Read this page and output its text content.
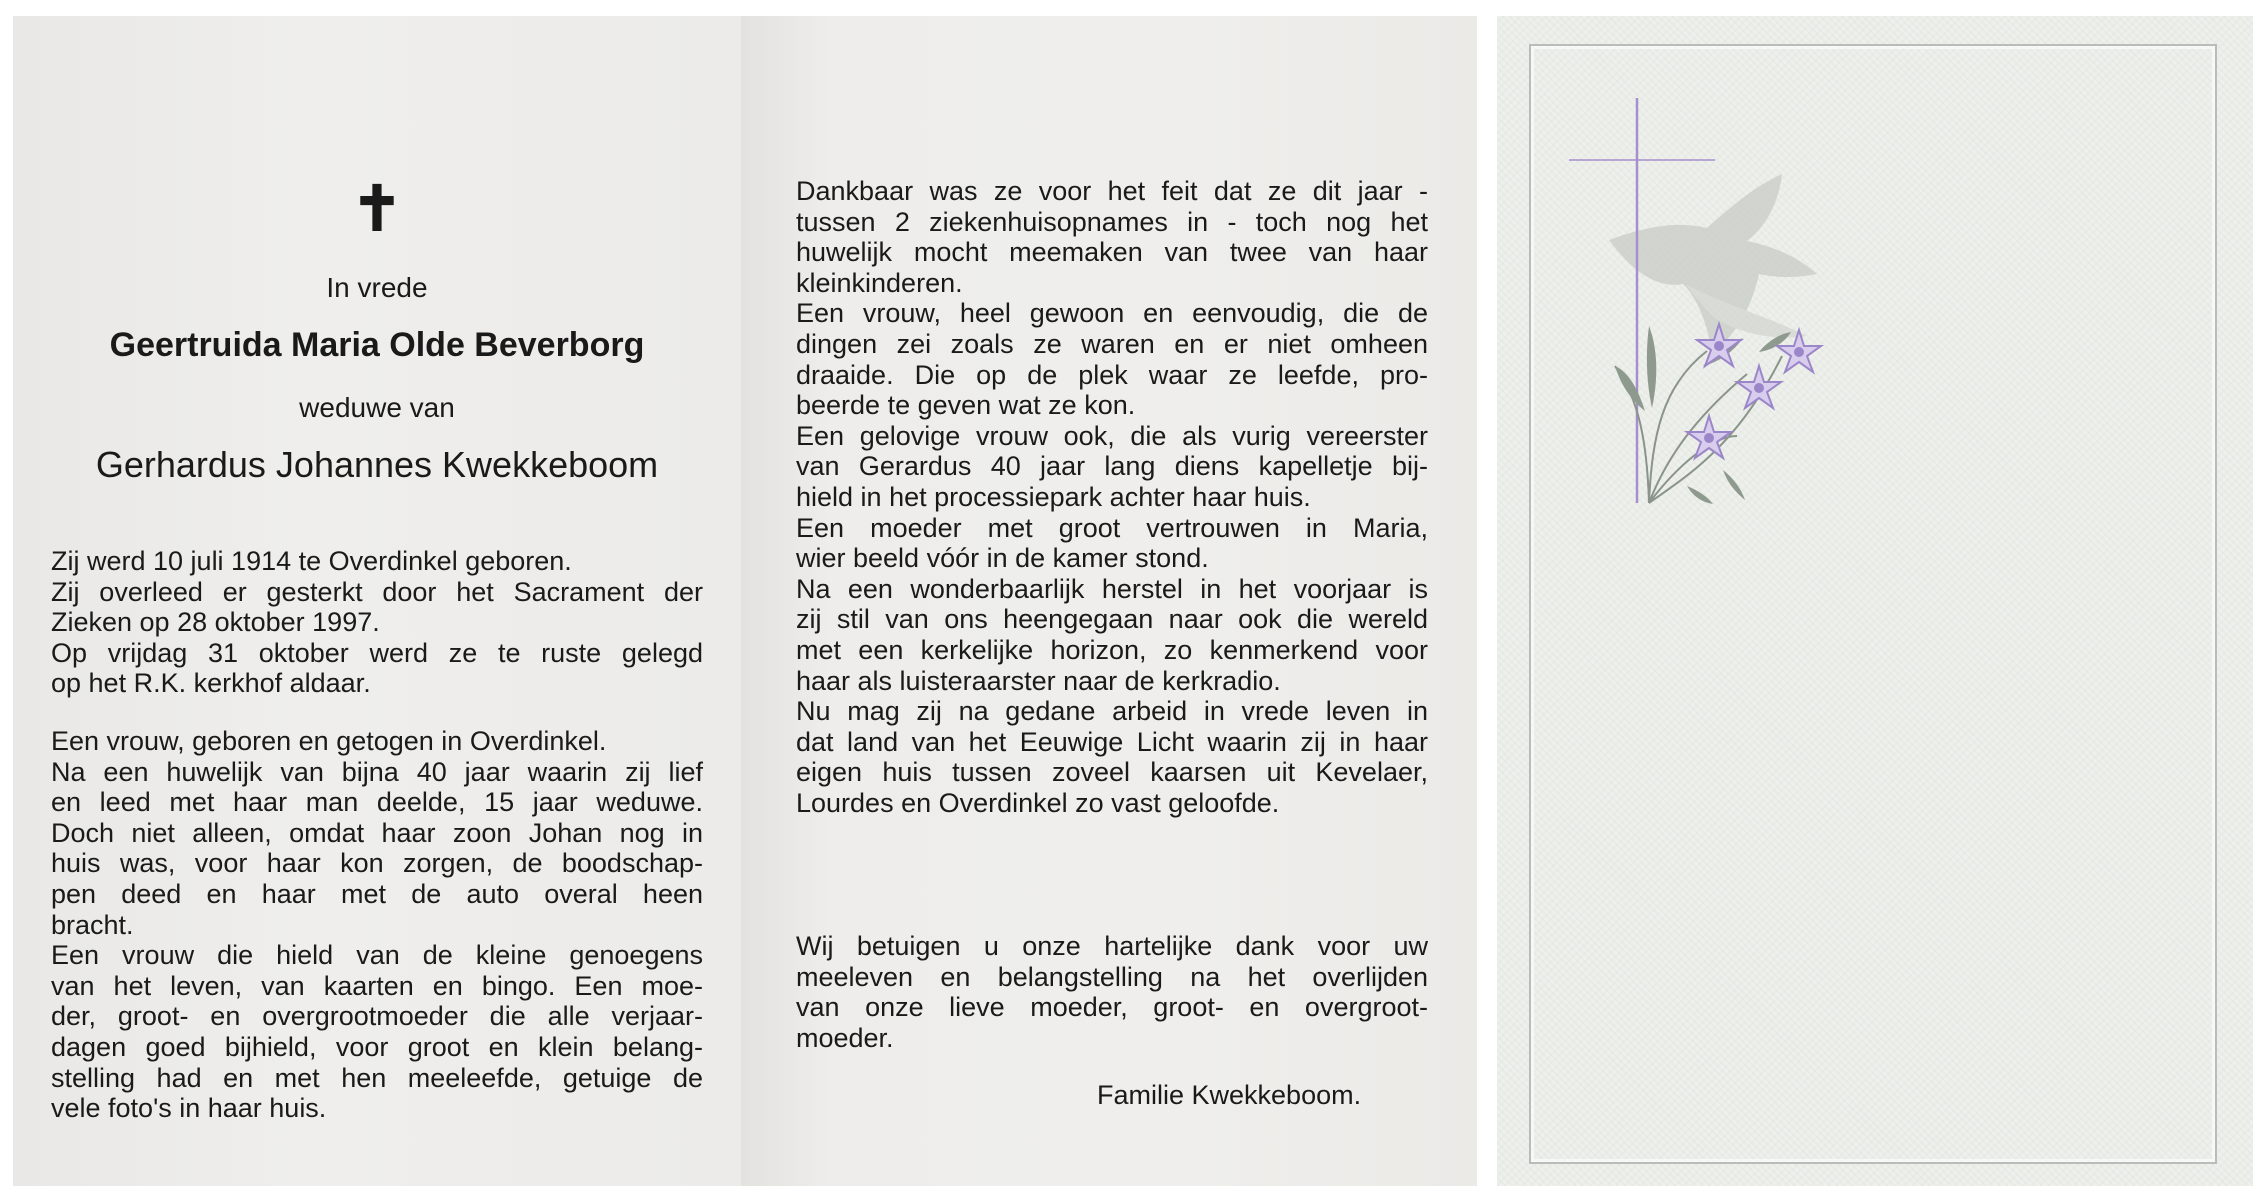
✝
In vrede
Geertruida Maria Olde Beverborg
weduwe van
Gerhardus Johannes Kwekkeboom
Zij werd 10 juli 1914 te Overdinkel geboren.
Zij overleed er gesterkt door het Sacrament der
Zieken op 28 oktober 1997.
Op vrijdag 31 oktober werd ze te ruste gelegd
op het R.K. kerkhof aldaar.
Een vrouw, geboren en getogen in Overdinkel.
Na een huwelijk van bijna 40 jaar waarin zij lief
en leed met haar man deelde, 15 jaar weduwe.
Doch niet alleen, omdat haar zoon Johan nog in
huis was, voor haar kon zorgen, de boodschap-
pen deed en haar met de auto overal heen
bracht.
Een vrouw die hield van de kleine genoegens
van het leven, van kaarten en bingo. Een moe-
der, groot- en overgrootmoeder die alle verjaar-
dagen goed bijhield, voor groot en klein belang-
stelling had en met hen meeleefde, getuige de
vele foto's in haar huis.
Dankbaar was ze voor het feit dat ze dit jaar -
tussen 2 ziekenhuisopnames in - toch nog het
huwelijk mocht meemaken van twee van haar
kleinkinderen.
Een vrouw, heel gewoon en eenvoudig, die de
dingen zei zoals ze waren en er niet omheen
draaide. Die op de plek waar ze leefde, pro-
beerde te geven wat ze kon.
Een gelovige vrouw ook, die als vurig vereerster
van Gerardus 40 jaar lang diens kapelletje bij-
hield in het processiepark achter haar huis.
Een moeder met groot vertrouwen in Maria,
wier beeld vóór in de kamer stond.
Na een wonderbaarlijk herstel in het voorjaar is
zij stil van ons heengegaan naar ook die wereld
met een kerkelijke horizon, zo kenmerkend voor
haar als luisteraarster naar de kerkradio.
Nu mag zij na gedane arbeid in vrede leven in
dat land van het Eeuwige Licht waarin zij in haar
eigen huis tussen zoveel kaarsen uit Kevelaer,
Lourdes en Overdinkel zo vast geloofde.
Wij betuigen u onze hartelijke dank voor uw
meeleven en belangstelling na het overlijden
van onze lieve moeder, groot- en overgroot-
moeder.
Familie Kwekkeboom.
